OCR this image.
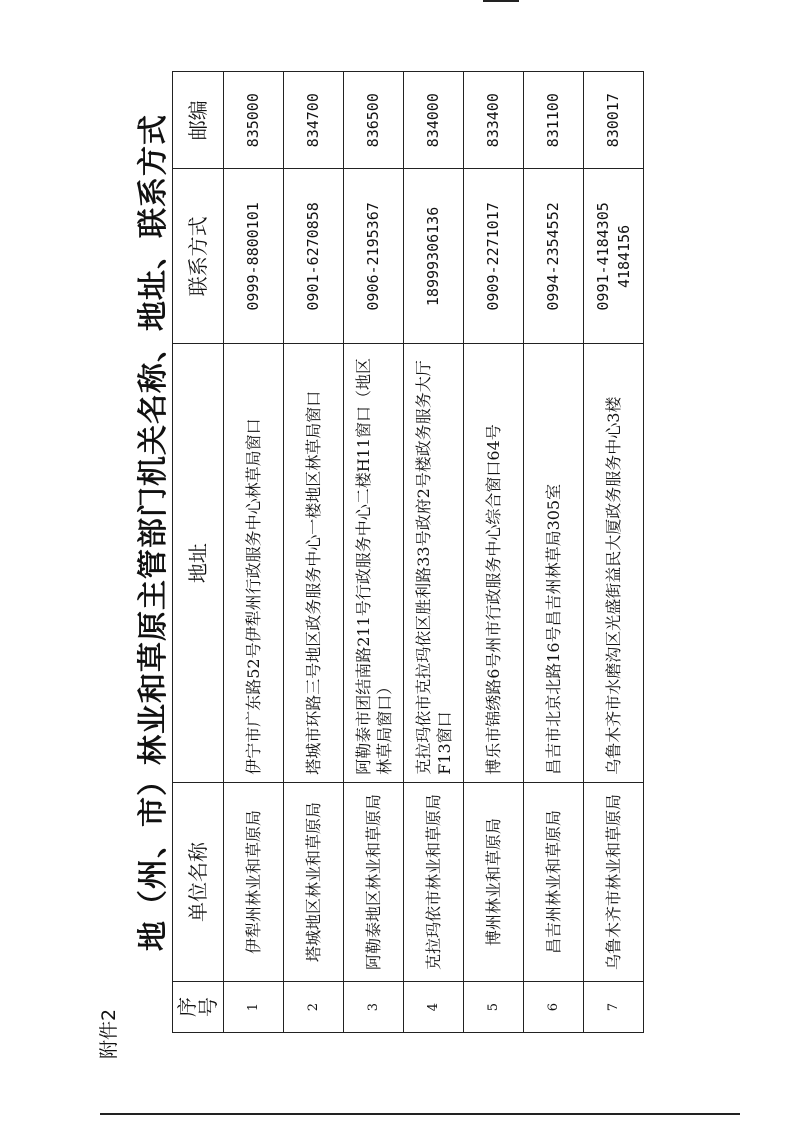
附件2
地（州、市）林业和草原主管部门机关名称、地址、联系方式
序号	单位名称	地址	联系方式	邮编
1	伊犁州林业和草原局	伊宁市广东路52号伊犁州行政服务中心林草局窗口	0999-8800101	835000
2	塔城地区林业和草原局	塔城市环路三号地区政务服务中心一楼地区林草局窗口	0901-6270858	834700
3	阿勒泰地区林业和草原局	阿勒泰市团结南路211号行政服务中心二楼H11窗口（地区林草局窗口）	0906-2195367	836500
4	克拉玛依市林业和草原局	克拉玛依市克拉玛依区胜利路33号政府2号楼政务服务大厅F13窗口	18999306136	834000
5	博州林业和草原局	博乐市锦绣路6号州市行政服务中心综合窗口64号	0909-2271017	833400
6	昌吉州林业和草原局	昌吉市北京北路16号昌吉州林草局305室	0994-2354552	831100
7	乌鲁木齐市林业和草原局	乌鲁木齐市水磨沟区光盛街益民大厦政务服务中心3楼	0991-4184305 4184156	830017
